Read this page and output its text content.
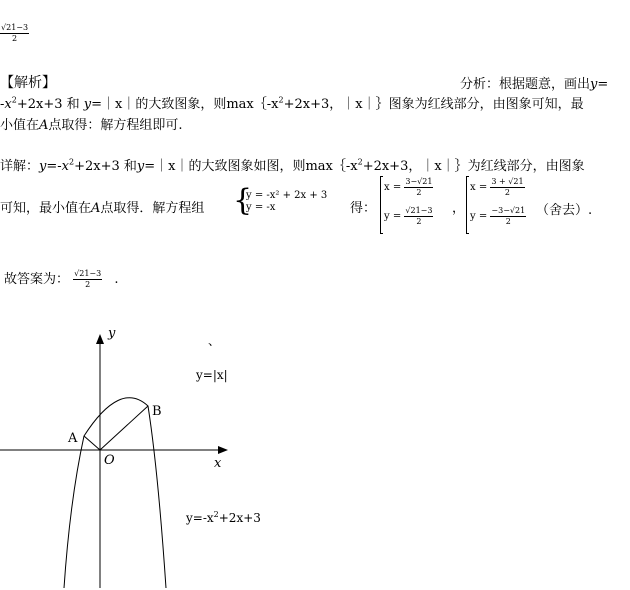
$\frac{√21-3}{2}$
【解析】	分析：根据题意，画出y=
$-x^2+2x+3$ 和 y=｜x｜的大致图象，则$\max\{-x^2+2x+3$，｜x｜｝图象为红线部分，由图象可知，最
小值在A点取得：解方程组即可.
详解：$y=-x^2+2x+3$ 和y=｜x｜的大致图象如图，则$\max\{-x^2+2x+3$，｜x｜｝为红线部分，由图象
可知，最小值在A点取得．解方程组 {
y = -x² + 2x + 3
y = -x	得：
$x = \frac{3-√21}{2}$
$y = \frac{√21-3}{2}$ ，
$x = \frac{3 + √21}{2}$
$y = \frac{-3-√21}{2}$ （舍去）.
故答案为： $\frac{√21-3}{2}$ .
y
x
O
A
B
y=|x|
$y=-x^2+2x+3$
、
